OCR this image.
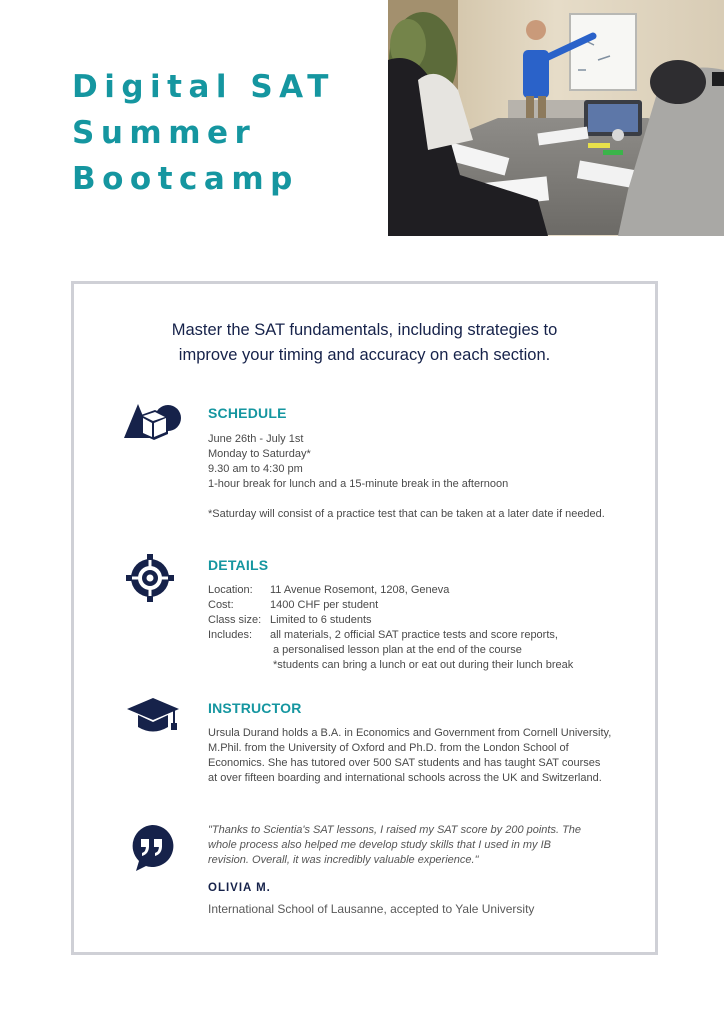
Digital SAT
Summer
Bootcamp
Master the SAT fundamentals, including strategies to
improve your timing and accuracy on each section.
SCHEDULE
June 26th - July 1st
Monday to Saturday*
9.30 am to 4:30 pm
1-hour break for lunch and a 15-minute break in the afternoon
*Saturday will consist of a practice test that can be taken at a later date if needed.
DETAILS
Location:	11 Avenue Rosemont, 1208, Geneva
Cost:	1400 CHF per student
Class size: Limited to 6 students
Includes:	all materials, 2 official SAT practice tests and score reports,
a personalised lesson plan at the end of the course
*students can bring a lunch or eat out during their lunch break
INSTRUCTOR
Ursula Durand holds a B.A. in Economics and Government from Cornell University,
M.Phil. from the University of Oxford and Ph.D. from the London School of
Economics. She has tutored over 500 SAT students and has taught SAT courses
at over fifteen boarding and international schools across the UK and Switzerland.
"Thanks to Scientia's SAT lessons, I raised my SAT score by 200 points. The
whole process also helped me develop study skills that I used in my IB
revision. Overall, it was incredibly valuable experience."
OLIVIA M.
International School of Lausanne, accepted to Yale University
